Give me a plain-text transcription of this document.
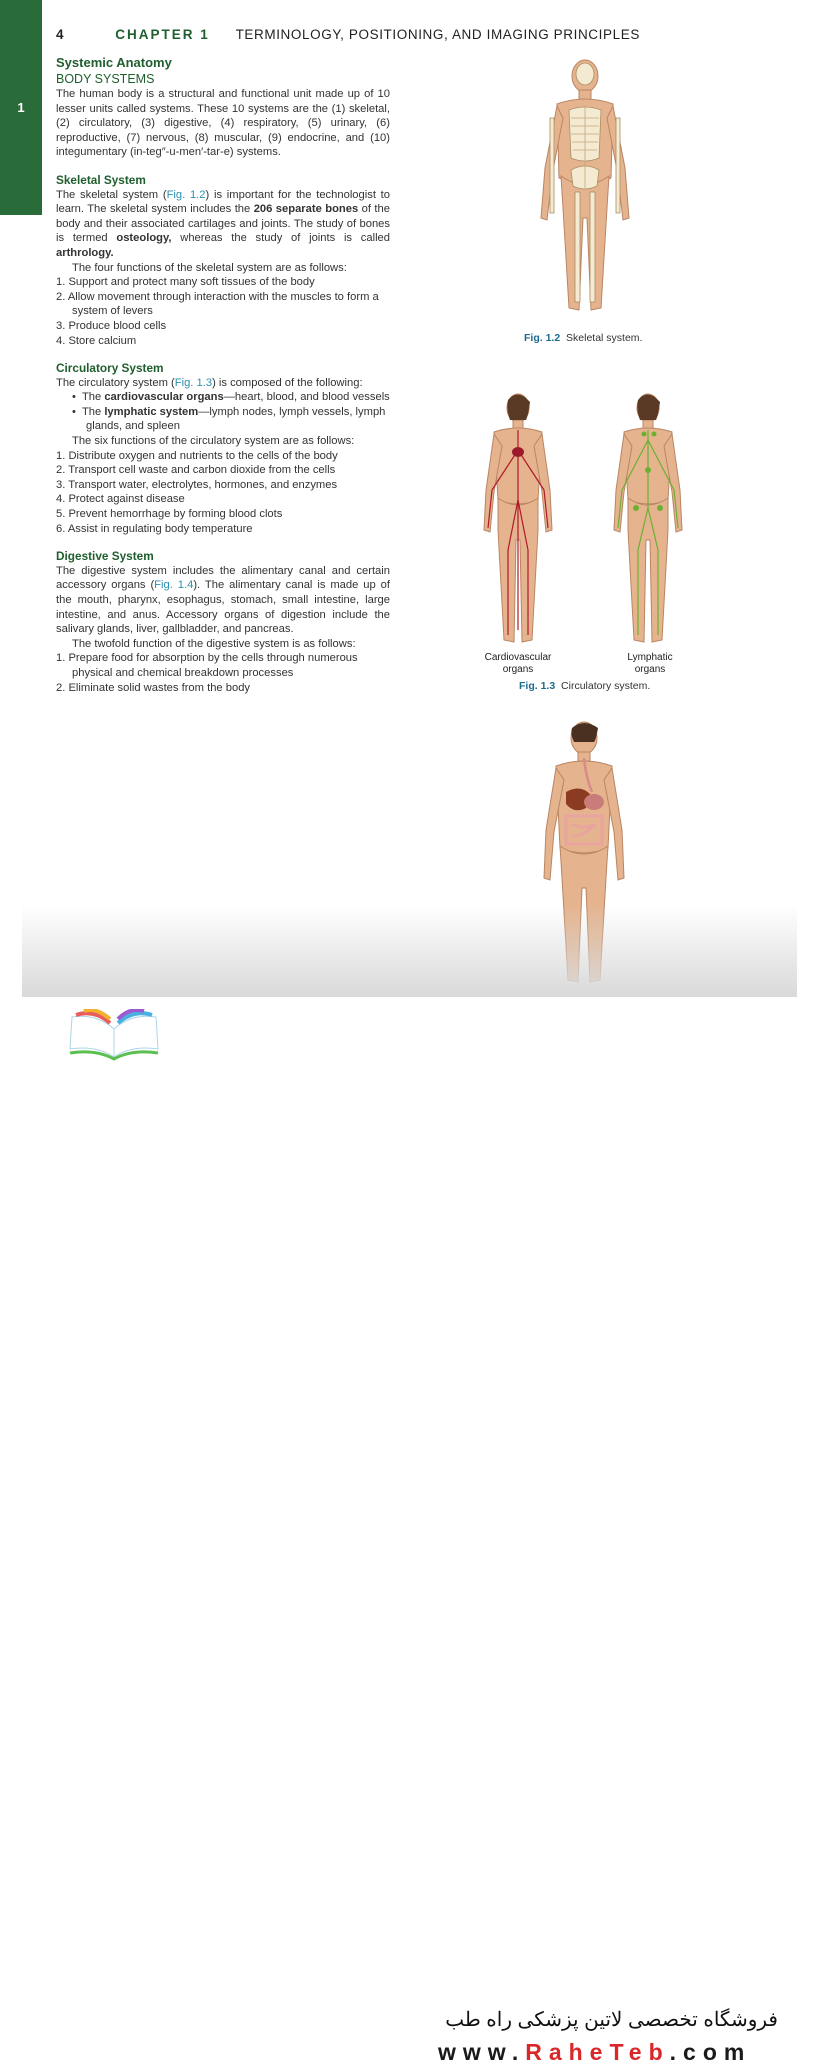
1
4	CHAPTER 1 TERMINOLOGY, POSITIONING, AND IMAGING PRINCIPLES

Systemic Anatomy

BODY SYSTEMS

The human body is a structural and functional unit made up of 10 lesser units called systems. These 10 systems are the (1) skeletal, (2) circulatory, (3) digestive, (4) respiratory, (5) urinary, (6) reproductive, (7) nervous, (8) muscular, (9) endocrine, and (10) integumentary (in-teg″-u-men′-tar-e) systems.

Skeletal System

The skeletal system (Fig. 1.2) is important for the technologist to learn. The skeletal system includes the 206 separate bones of the body and their associated cartilages and joints. The study of bones is termed osteology, whereas the study of joints is called arthrology.

The four functions of the skeletal system are as follows:

1. Support and protect many soft tissues of the body
2. Allow movement through interaction with the muscles to form a system of levers
3. Produce blood cells
4. Store calcium

Circulatory System

The circulatory system (Fig. 1.3) is composed of the following:

•  The cardiovascular organs—heart, blood, and blood vessels
•  The lymphatic system—lymph nodes, lymph vessels, lymph glands, and spleen

The six functions of the circulatory system are as follows:

1. Distribute oxygen and nutrients to the cells of the body
2. Transport cell waste and carbon dioxide from the cells
3. Transport water, electrolytes, hormones, and enzymes
4. Protect against disease
5. Prevent hemorrhage by forming blood clots
6. Assist in regulating body temperature

Digestive System

The digestive system includes the alimentary canal and certain accessory organs (Fig. 1.4). The alimentary canal is made up of the mouth, pharynx, esophagus, stomach, small intestine, large intestine, and anus. Accessory organs of digestion include the salivary glands, liver, gallbladder, and pancreas.

The twofold function of the digestive system is as follows:

1. Prepare food for absorption by the cells through numerous physical and chemical breakdown processes
2. Eliminate solid wastes from the body
Fig. 1.2 Skeletal system.
Cardiovascular organs
Lymphatic organs
Fig. 1.3 Circulatory system.
فروشگاه تخصصی لاتین پزشکی راه طب
www.RaheTeb.com
